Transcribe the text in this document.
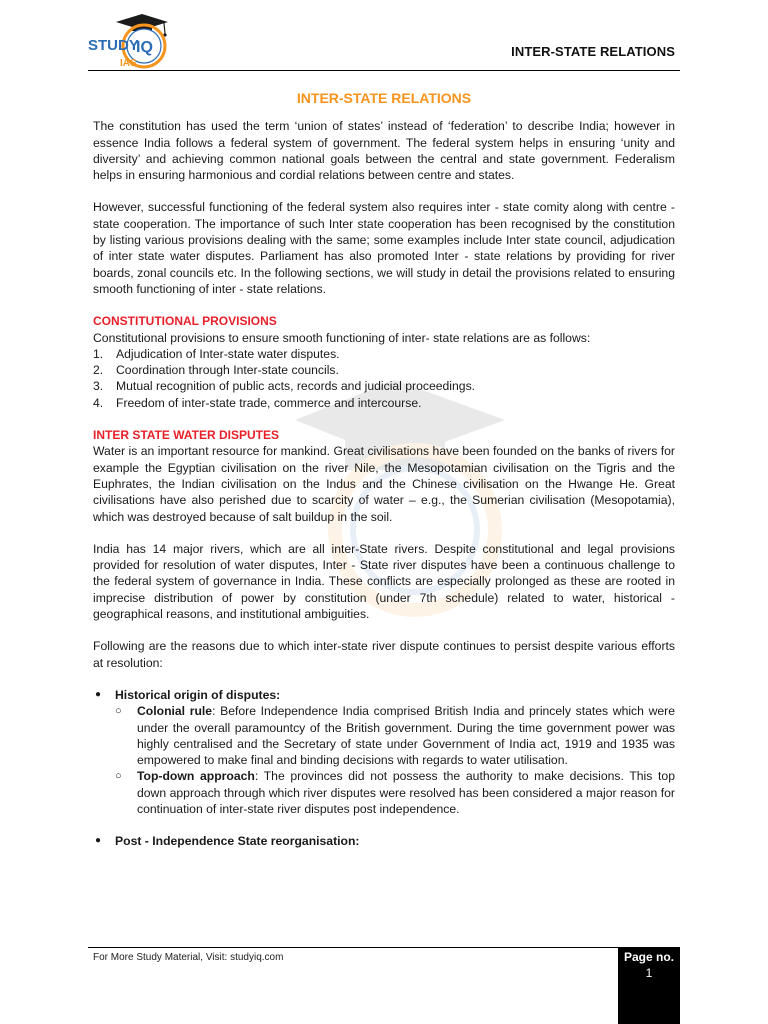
STUDY
IQ
IAS
INTER-STATE RELATIONS
INTER-STATE RELATIONS

The constitution has used the term ‘union of states’ instead of ‘federation’ to describe India; however in essence India follows a federal system of government. The federal system helps in ensuring ‘unity and diversity’ and achieving common national goals between the central and state government. Federalism helps in ensuring harmonious and cordial relations between centre and states.

However, successful functioning of the federal system also requires inter - state comity along with centre - state cooperation. The importance of such Inter state cooperation has been recognised by the constitution by listing various provisions dealing with the same; some examples include Inter state council, adjudication of inter state water disputes. Parliament has also promoted Inter - state relations by providing for river boards, zonal councils etc. In the following sections, we will study in detail the provisions related to ensuring smooth functioning of inter - state relations.

CONSTITUTIONAL PROVISIONS

Constitutional provisions to ensure smooth functioning of inter- state relations are as follows:

1. Adjudication of Inter-state water disputes.
2. Coordination through Inter-state councils.
3. Mutual recognition of public acts, records and judicial proceedings.
4. Freedom of inter-state trade, commerce and intercourse.
INTER STATE WATER DISPUTES

Water is an important resource for mankind. Great civilisations have been founded on the banks of rivers for example the Egyptian civilisation on the river Nile, the Mesopotamian civilisation on the Tigris and the Euphrates, the Indian civilisation on the Indus and the Chinese civilisation on the Hwange He. Great civilisations have also perished due to scarcity of water – e.g., the Sumerian civilisation (Mesopotamia), which was destroyed because of salt buildup in the soil.

India has 14 major rivers, which are all inter-State rivers. Despite constitutional and legal provisions provided for resolution of water disputes, Inter - State river disputes have been a continuous challenge to the federal system of governance in India. These conflicts are especially prolonged as these are rooted in imprecise distribution of power by constitution (under 7th schedule) related to water, historical - geographical reasons, and institutional ambiguities.

Following are the reasons due to which inter-state river dispute continues to persist despite various efforts at resolution:

● Historical origin of disputes:
○ Colonial rule: Before Independence India comprised British India and princely states which were under the overall paramountcy of the British government. During the time government power was highly centralised and the Secretary of state under Government of India act, 1919 and 1935 was empowered to make final and binding decisions with regards to water utilisation.
○ Top-down approach: The provinces did not possess the authority to make decisions. This top down approach through which river disputes were resolved has been considered a major reason for continuation of inter-state river disputes post independence.
● Post - Independence State reorganisation:
For More Study Material, Visit: studyiq.com	Page no.
1
